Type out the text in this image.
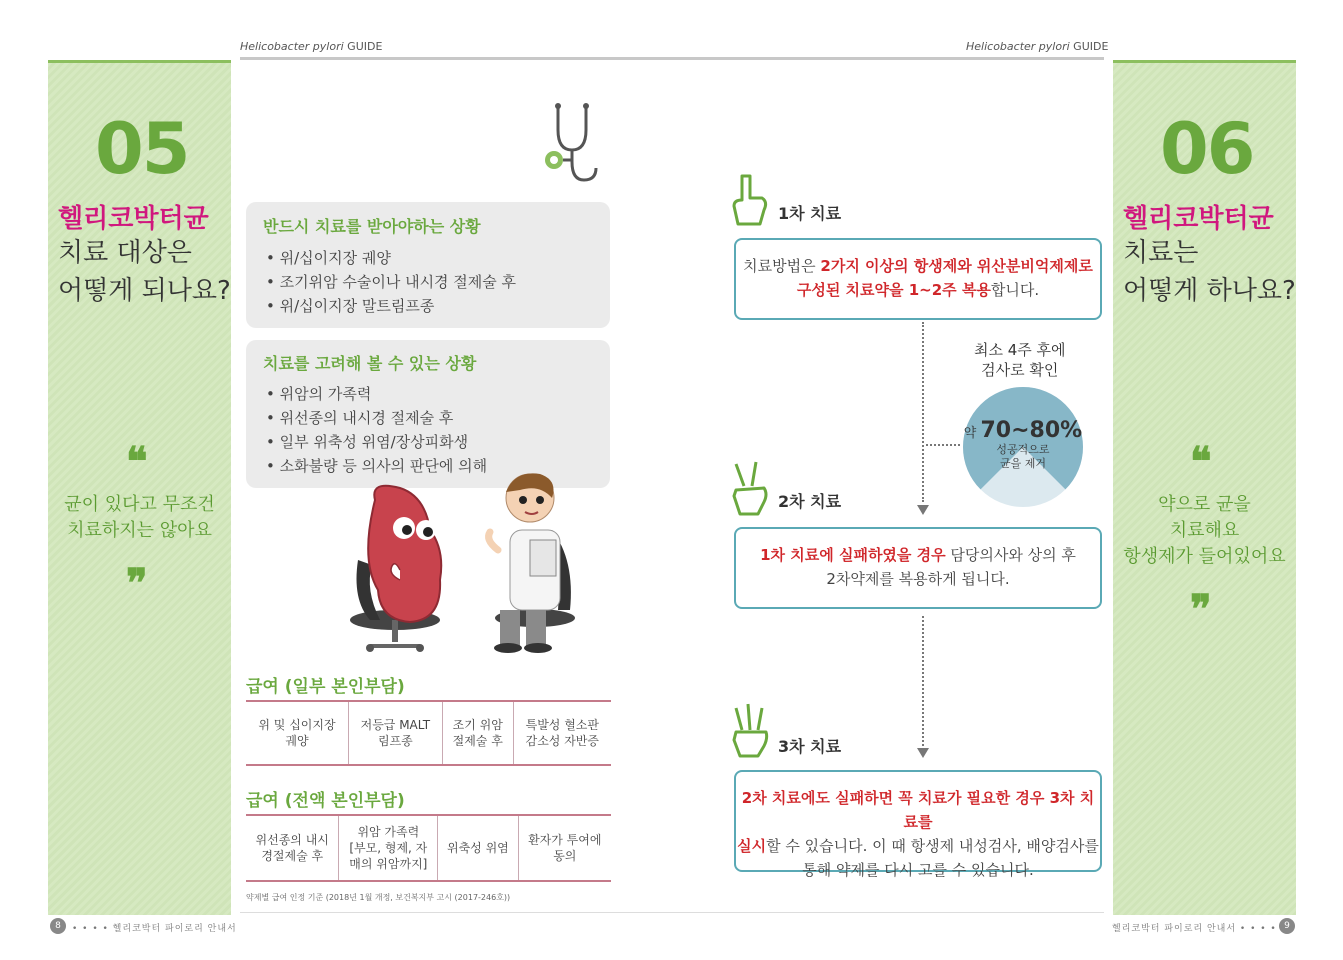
Helicobacter pylori GUIDE	Helicobacter pylori GUIDE
05
헬리코박터균
치료 대상은
어떻게 되나요?
❝
균이 있다고 무조건
치료하지는 않아요
❞
06
헬리코박터균
치료는
어떻게 하나요?
❝
약으로 균을
치료해요
항생제가 들어있어요
❞
반드시 치료를 받아야하는 상황
• 위/십이지장 궤양
• 조기위암 수술이나 내시경 절제술 후
• 위/십이지장 말트림프종
치료를 고려해 볼 수 있는 상황
• 위암의 가족력
• 위선종의 내시경 절제술 후
• 일부 위축성 위염/장상피화생
• 소화불량 등 의사의 판단에 의해
급여 (일부 본인부담)
위 및 십이지장
궤양

저등급 MALT
림프종

조기 위암
절제술 후

특발성 혈소판
감소성 자반증
급여 (전액 본인부담)
위선종의 내시
경절제술 후

위암 가족력
[부모, 형제, 자
매의 위암까지]

위축성 위염

환자가 투여에
동의
약제별 급여 인정 기준 (2018년 1월 개정, 보건복지부 고시 (2017-246호))
1차 치료
치료방법은 2가지 이상의 항생제와 위산분비억제제로
구성된 치료약을 1~2주 복용합니다.
최소 4주 후에
검사로 확인
약 70~80%
성공적으로
균을 제거
2차 치료
1차 치료에 실패하였을 경우 담당의사와 상의 후
2차약제를 복용하게 됩니다.
3차 치료
2차 치료에도 실패하면 꼭 치료가 필요한 경우 3차 치료를
실시할 수 있습니다. 이 때 항생제 내성검사, 배양검사를
통해 약제를 다시 고를 수 있습니다.
8	• • • • 헬리코박터 파이로리 안내서	헬리코박터 파이로리 안내서 • • • • 9
